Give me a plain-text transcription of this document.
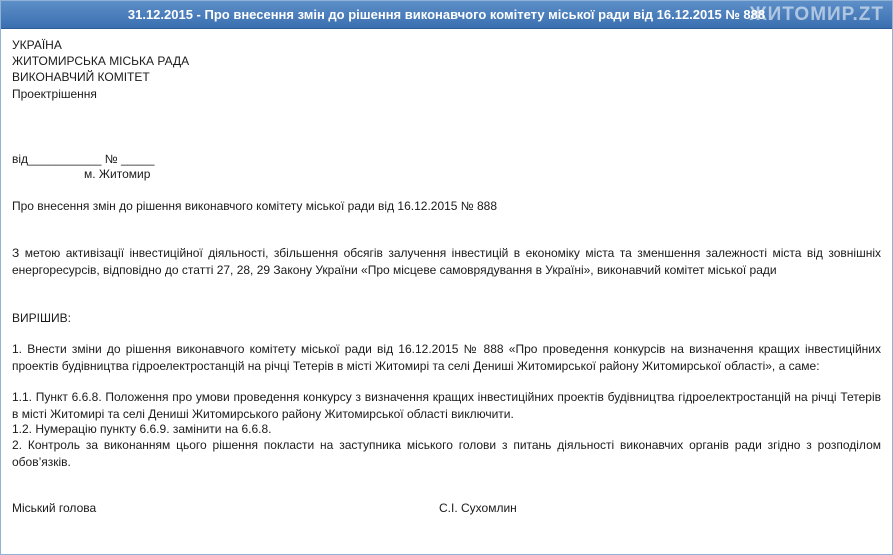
31.12.2015 - Про внесення змін до рішення виконавчого комітету міської ради від 16.12.2015 № 888
ЖИТОМИР.ZT
УКРАЇНА
ЖИТОМИРСЬКА МІСЬКА РАДА
ВИКОНАВЧИЙ КОМІТЕТ
Проектрішення
від___________ № _____
м. Житомир
Про внесення змін до рішення виконавчого комітету міської ради від 16.12.2015 № 888
З метою активізації інвестиційної діяльності, збільшення обсягів залучення інвестицій в економіку міста та зменшення залежності міста від зовнішніх енергоресурсів, відповідно до статті 27, 28, 29 Закону України «Про місцеве самоврядування в Україні», виконавчий комітет міської ради
ВИРІШИВ:
1. Внести зміни до рішення виконавчого комітету міської ради від 16.12.2015 № 888 «Про проведення конкурсів на визначення кращих інвестиційних проектів будівництва гідроелектростанцій на річці Тетерів в місті Житомирі та селі Дениші Житомирської району Житомирської області», а саме:
1.1. Пункт 6.6.8. Положення про умови проведення конкурсу з визначення кращих інвестиційних проектів будівництва гідроелектростанцій на річці Тетерів в місті Житомирі та селі Дениші Житомирського району Житомирської області виключити.
1.2. Нумерацію пункту 6.6.9. замінити на 6.6.8.
2. Контроль за виконанням цього рішення покласти на заступника міського голови з питань діяльності виконавчих органів ради згідно з розподілом обов’язків.
Міський голова	С.І. Сухомлин
